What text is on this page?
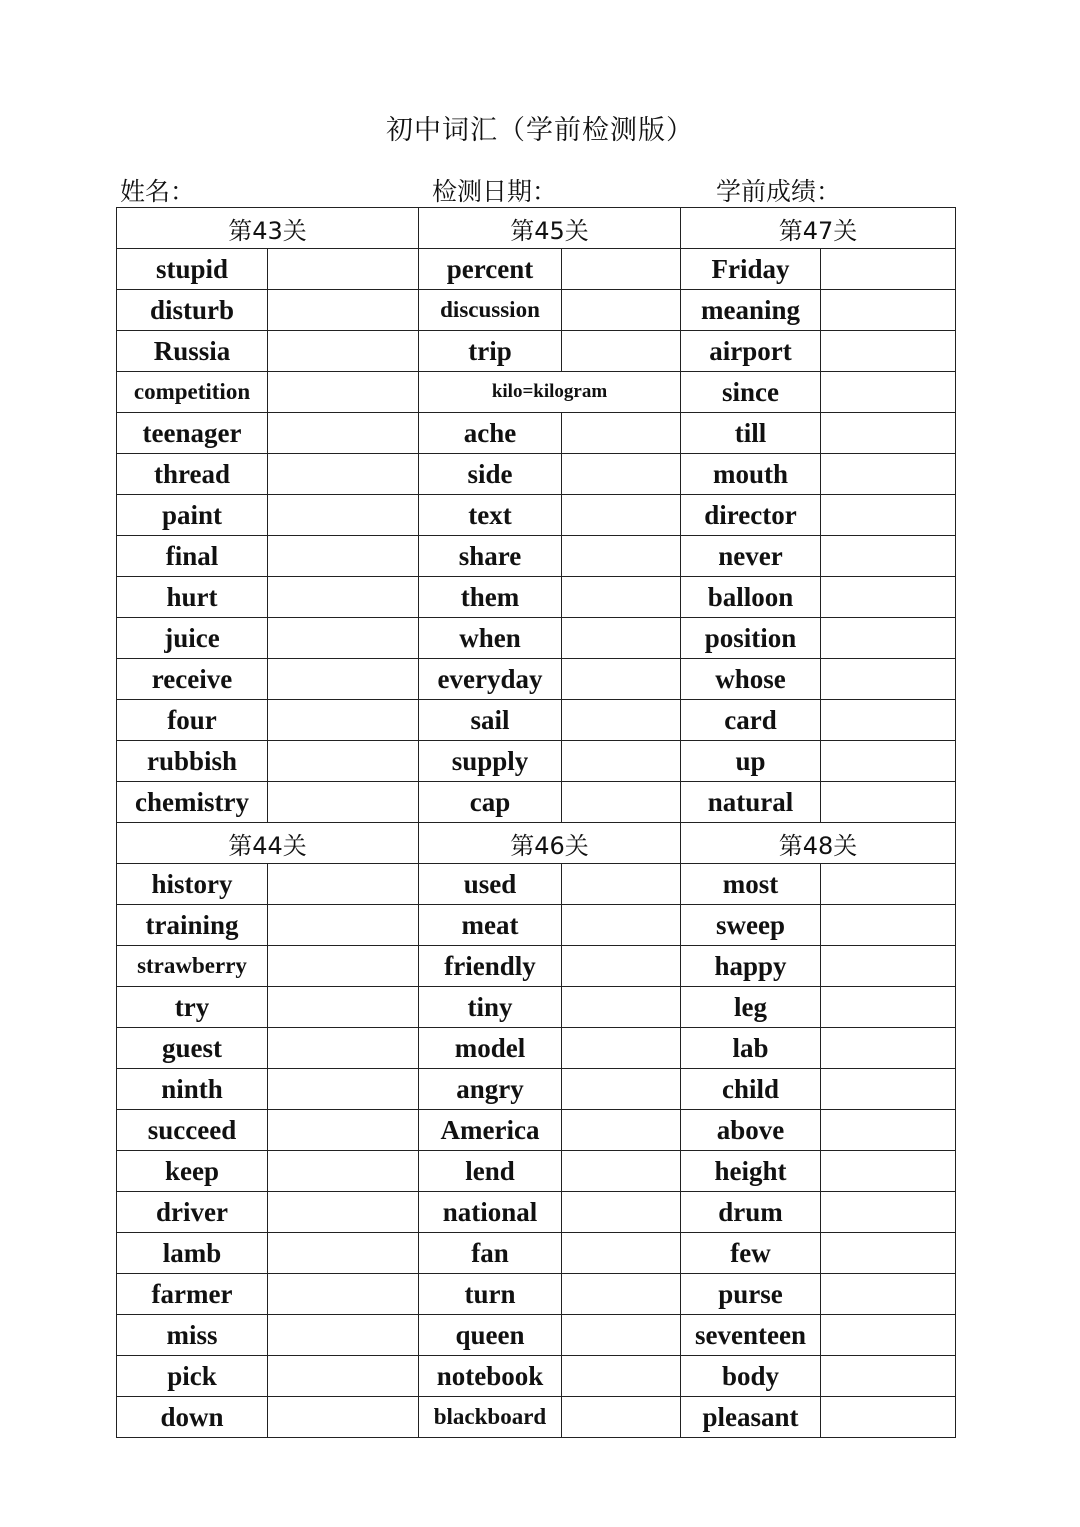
初中词汇（学前检测版）
姓名：	检测日期：	学前成绩：
第43关		第45关		第47关	
stupid		percent		Friday	
disturb		discussion		meaning	
Russia		trip		airport	
competition		kilo=kilogram		since	
teenager		ache		till	
thread		side		mouth	
paint		text		director	
final		share		never	
hurt		them		balloon	
juice		when		position	
receive		everyday		whose	
four		sail		card	
rubbish		supply		up	
chemistry		cap		natural	
第44关		第46关		第48关	
history		used		most	
training		meat		sweep	
strawberry		friendly		happy	
try		tiny		leg	
guest		model		lab	
ninth		angry		child	
succeed		America		above	
keep		lend		height	
driver		national		drum	
lamb		fan		few	
farmer		turn		purse	
miss		queen		seventeen	
pick		notebook		body	
down		blackboard		pleasant	
